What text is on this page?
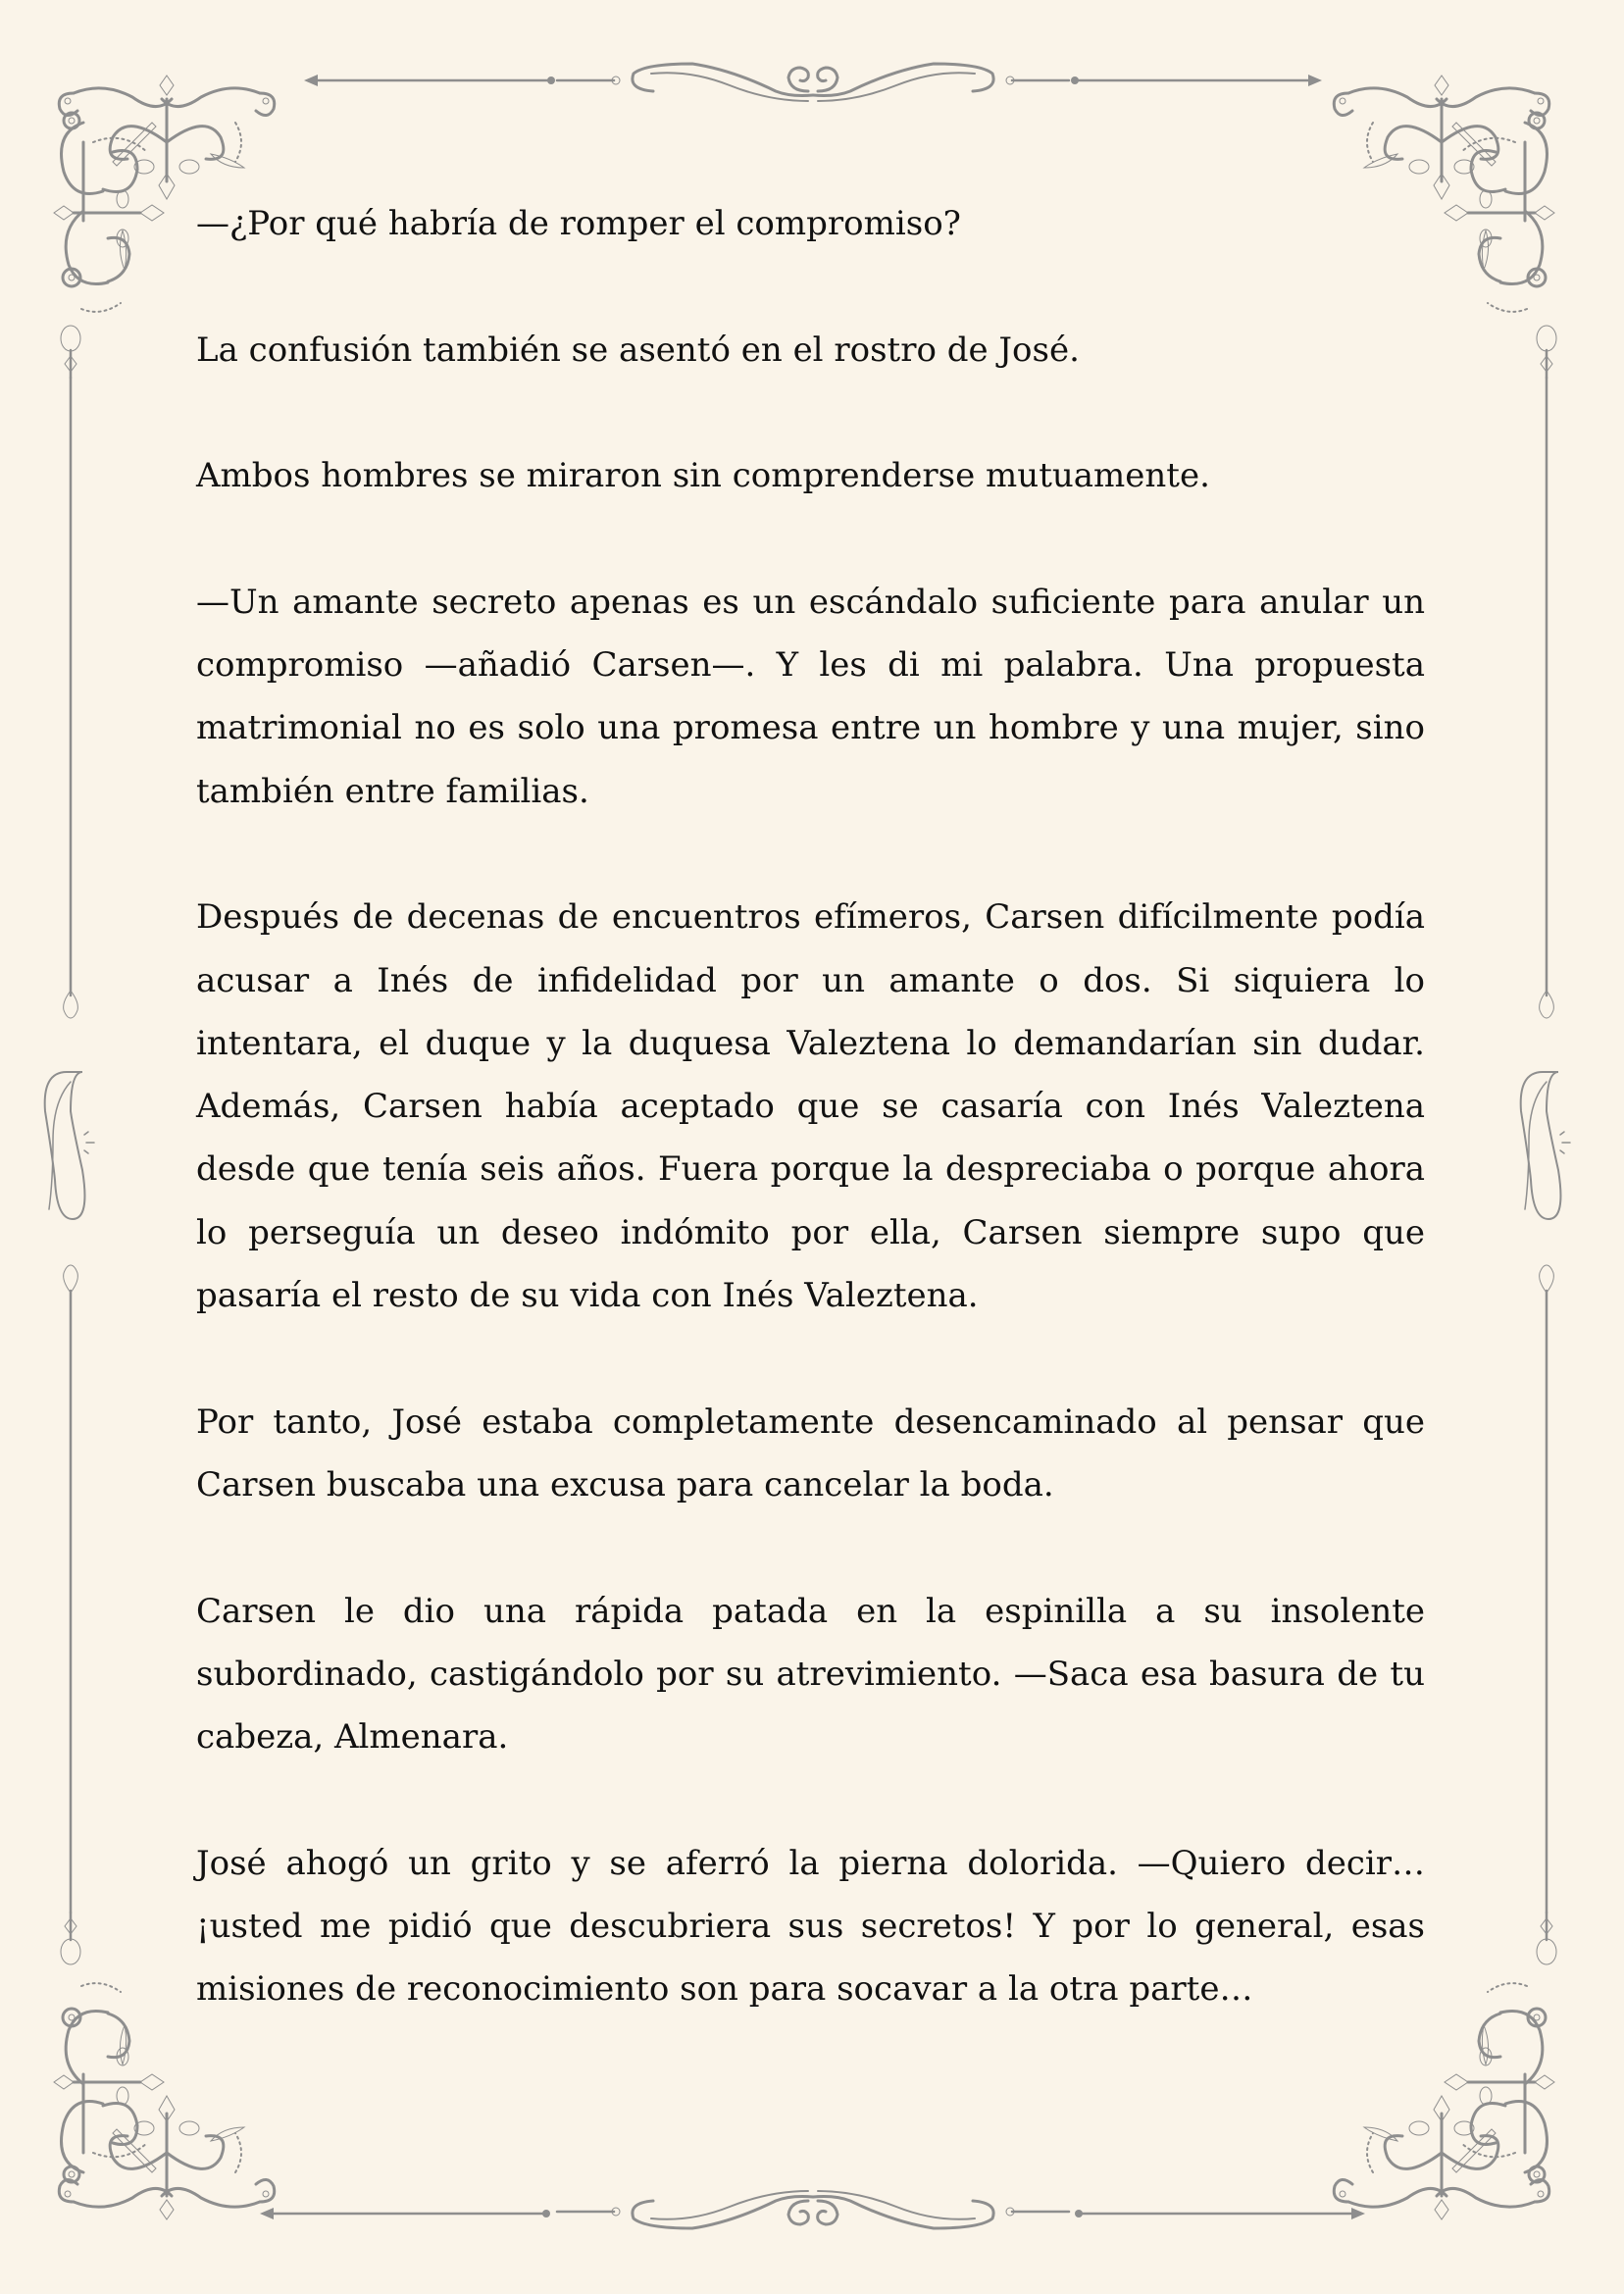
—¿Por qué habría de romper el compromiso?

La confusión también se asentó en el rostro de José.

Ambos hombres se miraron sin comprenderse mutuamente.

—Un amante secreto apenas es un escándalo suficiente para anular un compromiso —añadió Carsen—. Y les di mi palabra. Una propuesta matrimonial no es solo una promesa entre un hombre y una mujer, sino también entre familias.

Después de decenas de encuentros efímeros, Carsen difícilmente podía acusar a Inés de infidelidad por un amante o dos. Si siquiera lo intentara, el duque y la duquesa Valeztena lo demandarían sin dudar. Además, Carsen había aceptado que se casaría con Inés Valeztena desde que tenía seis años. Fuera porque la despreciaba o porque ahora lo perseguía un deseo indómito por ella, Carsen siempre supo que pasaría el resto de su vida con Inés Valeztena.

Por tanto, José estaba completamente desencaminado al pensar que Carsen buscaba una excusa para cancelar la boda.

Carsen le dio una rápida patada en la espinilla a su insolente subordinado, castigándolo por su atrevimiento. —Saca esa basura de tu cabeza, Almenara.

José ahogó un grito y se aferró la pierna dolorida. —Quiero decir… ¡usted me pidió que descubriera sus secretos! Y por lo general, esas misiones de reconocimiento son para socavar a la otra parte…
